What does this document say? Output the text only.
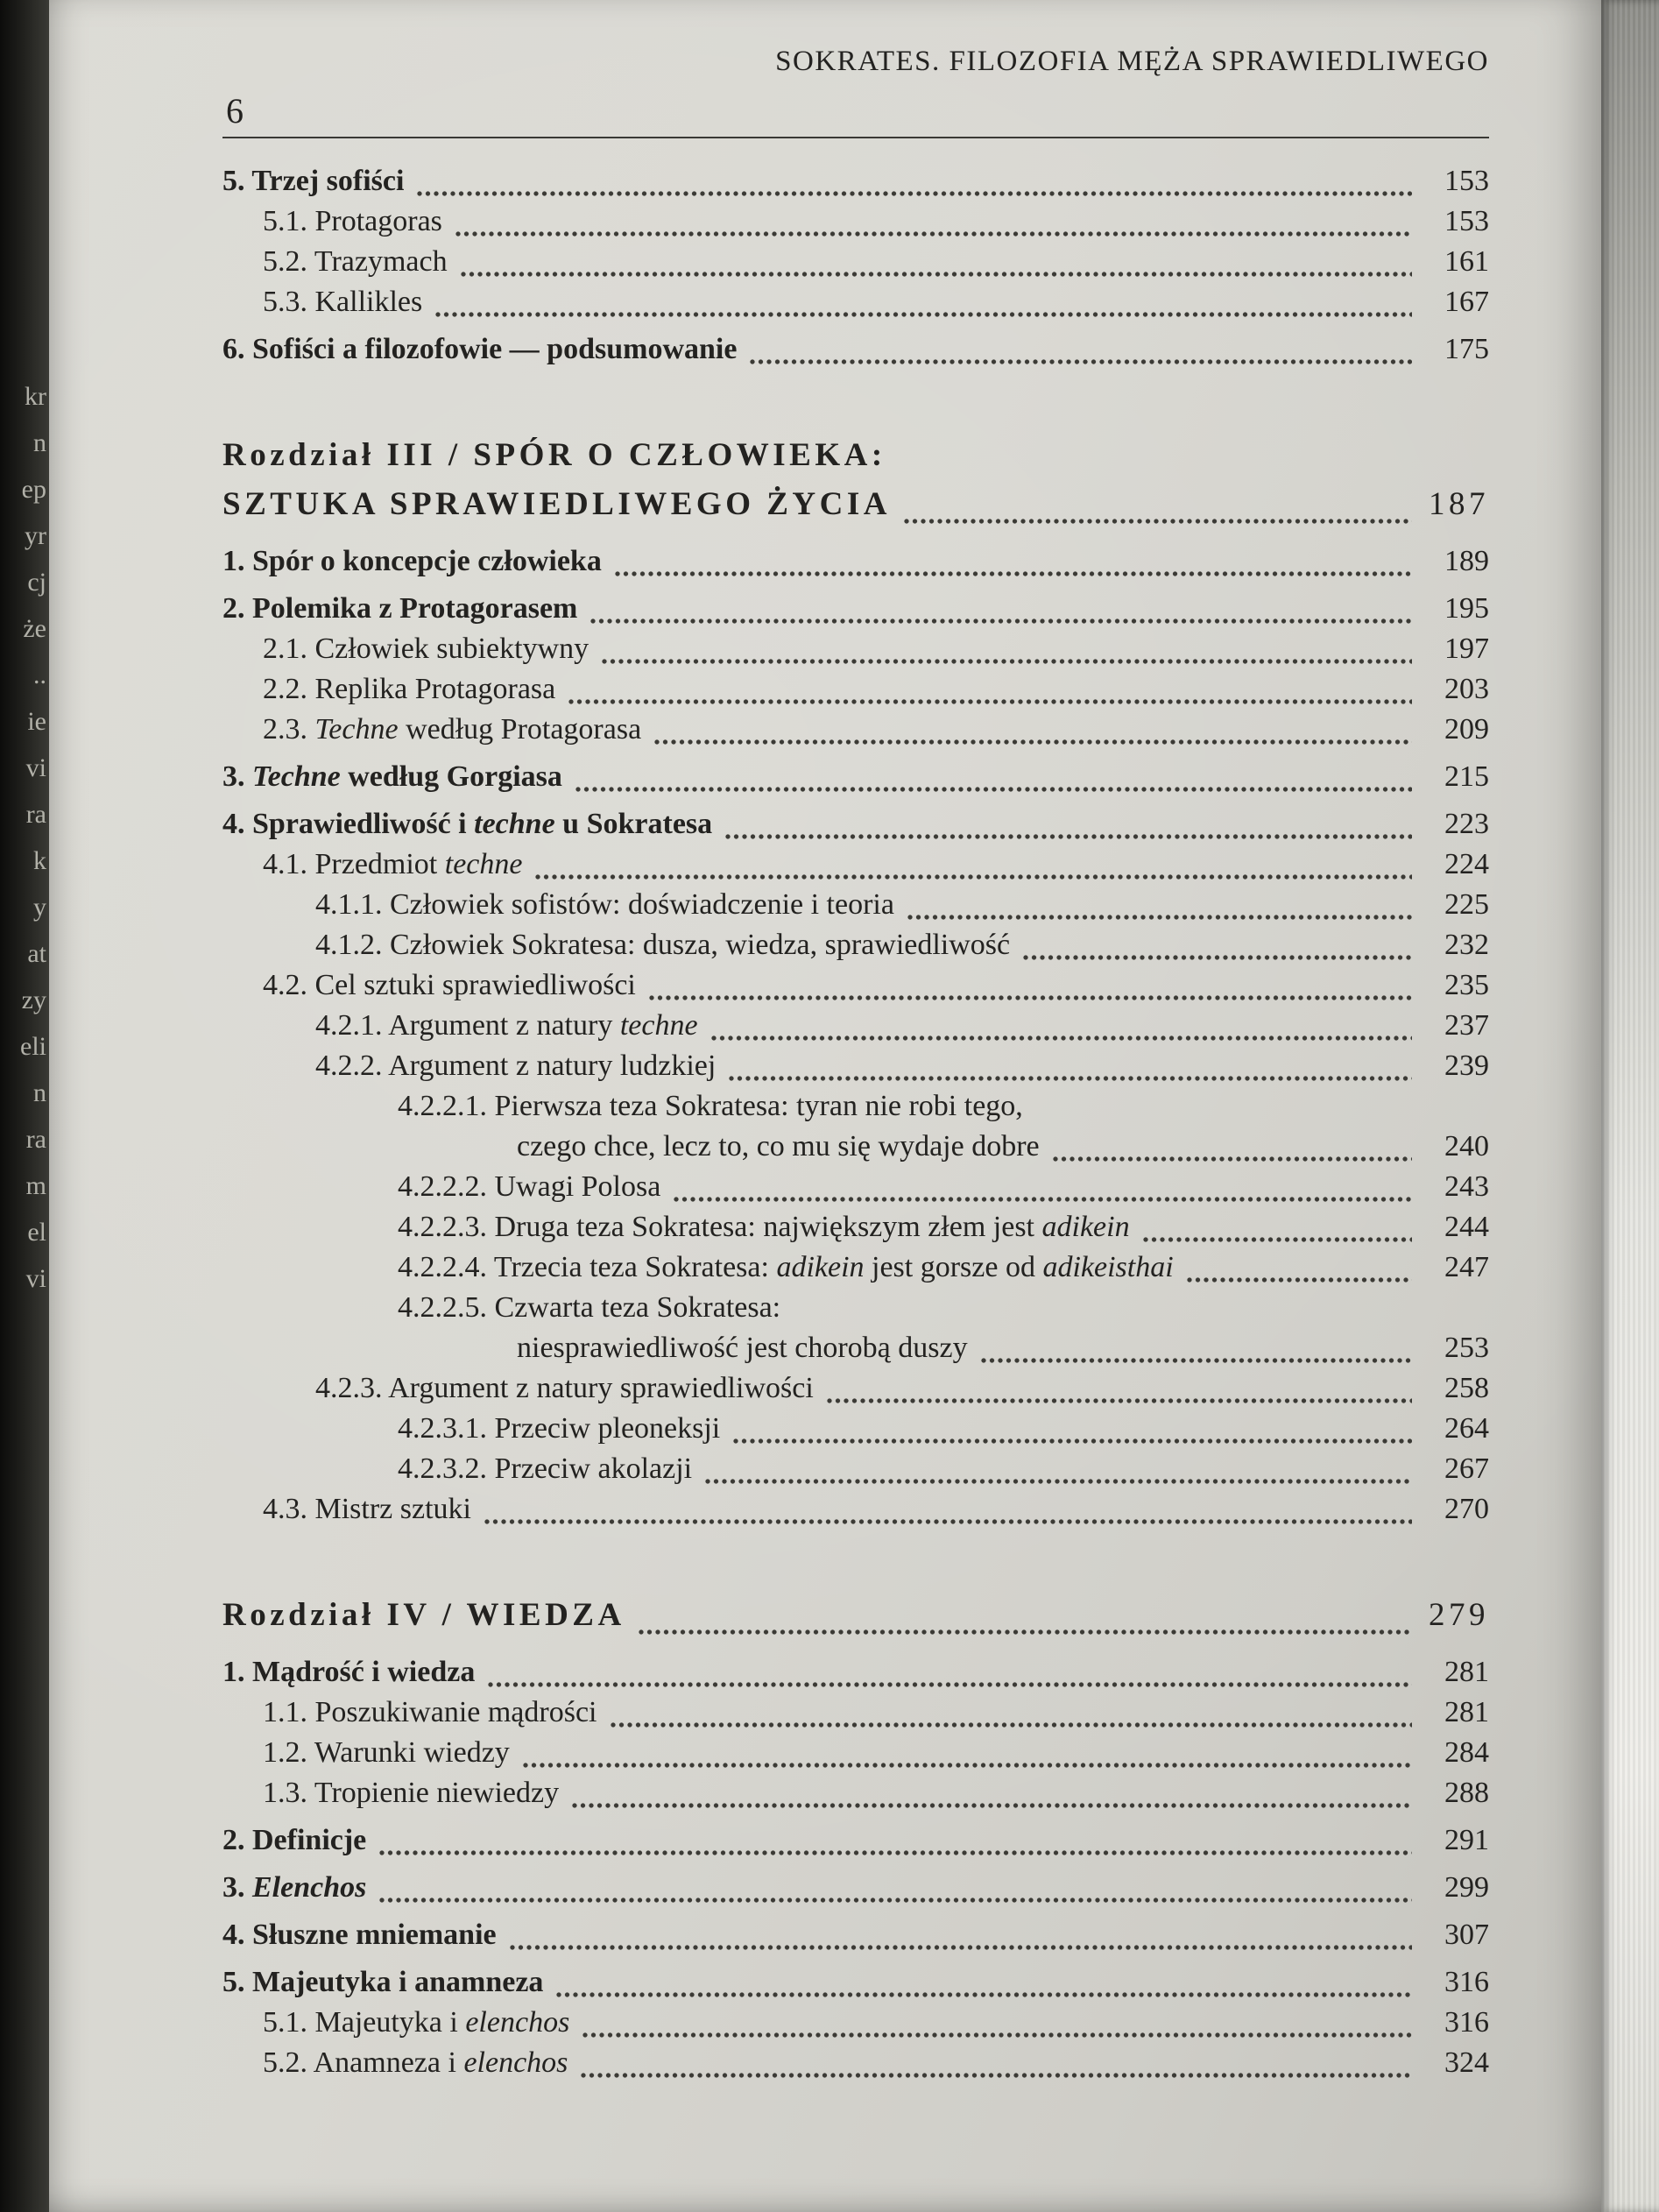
kr
n
ep
yr
cj
że
..
ie
vi
ra
k
y
at
zy
eli
n
ra
m
el
vi
6
SOKRATES. FILOZOFIA MĘŻA SPRAWIEDLIWEGO
5. Trzej sofiści	153
5.1. Protagoras	153
5.2. Trazymach	161
5.3. Kallikles	167
6. Sofiści a filozofowie — podsumowanie	175
Rozdział III / SPÓR O CZŁOWIEKA:
SZTUKA SPRAWIEDLIWEGO ŻYCIA	187
1. Spór o koncepcje człowieka	189
2. Polemika z Protagorasem	195
2.1. Człowiek subiektywny	197
2.2. Replika Protagorasa	203
2.3. Techne według Protagorasa	209
3. Techne według Gorgiasa	215
4. Sprawiedliwość i techne u Sokratesa	223
4.1. Przedmiot techne	224
4.1.1. Człowiek sofistów: doświadczenie i teoria	225
4.1.2. Człowiek Sokratesa: dusza, wiedza, sprawiedliwość	232
4.2. Cel sztuki sprawiedliwości	235
4.2.1. Argument z natury techne	237
4.2.2. Argument z natury ludzkiej	239
4.2.2.1. Pierwsza teza Sokratesa: tyran nie robi tego,
czego chce, lecz to, co mu się wydaje dobre	240
4.2.2.2. Uwagi Polosa	243
4.2.2.3. Druga teza Sokratesa: największym złem jest adikein	244
4.2.2.4. Trzecia teza Sokratesa: adikein jest gorsze od adikeisthai	247
4.2.2.5. Czwarta teza Sokratesa:
niesprawiedliwość jest chorobą duszy	253
4.2.3. Argument z natury sprawiedliwości	258
4.2.3.1. Przeciw pleoneksji	264
4.2.3.2. Przeciw akolazji	267
4.3. Mistrz sztuki	270
Rozdział IV / WIEDZA	279
1. Mądrość i wiedza	281
1.1. Poszukiwanie mądrości	281
1.2. Warunki wiedzy	284
1.3. Tropienie niewiedzy	288
2. Definicje	291
3. Elenchos	299
4. Słuszne mniemanie	307
5. Majeutyka i anamneza	316
5.1. Majeutyka i elenchos	316
5.2. Anamneza i elenchos	324
